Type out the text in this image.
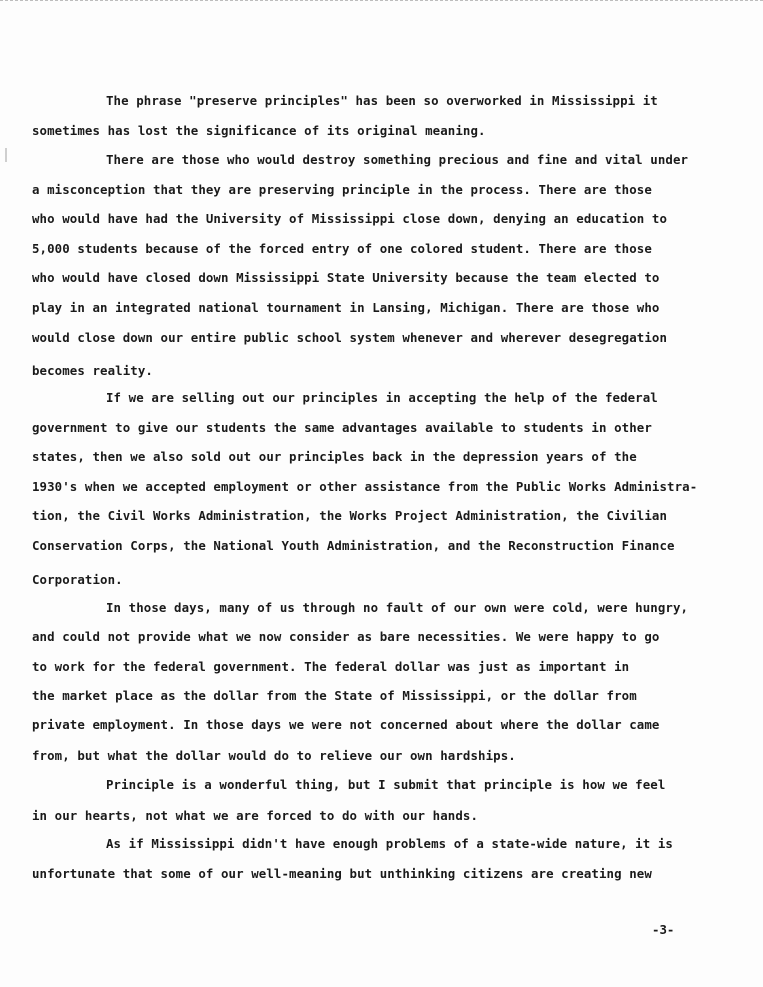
The phrase "preserve principles" has been so overworked in Mississippi it
sometimes has lost the significance of its original meaning.
There are those who would destroy something precious and fine and vital under
a misconception that they are preserving principle in the process. There are those
who would have had the University of Mississippi close down, denying an education to
5,000 students because of the forced entry of one colored student. There are those
who would have closed down Mississippi State University because the team elected to
play in an integrated national tournament in Lansing, Michigan. There are those who
would close down our entire public school system whenever and wherever desegregation
becomes reality.
If we are selling out our principles in accepting the help of the federal
government to give our students the same advantages available to students in other
states, then we also sold out our principles back in the depression years of the
1930's when we accepted employment or other assistance from the Public Works Administra-
tion, the Civil Works Administration, the Works Project Administration, the Civilian
Conservation Corps, the National Youth Administration, and the Reconstruction Finance
Corporation.
In those days, many of us through no fault of our own were cold, were hungry,
and could not provide what we now consider as bare necessities. We were happy to go
to work for the federal government. The federal dollar was just as important in
the market place as the dollar from the State of Mississippi, or the dollar from
private employment. In those days we were not concerned about where the dollar came
from, but what the dollar would do to relieve our own hardships.
Principle is a wonderful thing, but I submit that principle is how we feel
in our hearts, not what we are forced to do with our hands.
As if Mississippi didn't have enough problems of a state-wide nature, it is
unfortunate that some of our well-meaning but unthinking citizens are creating new
-3-
